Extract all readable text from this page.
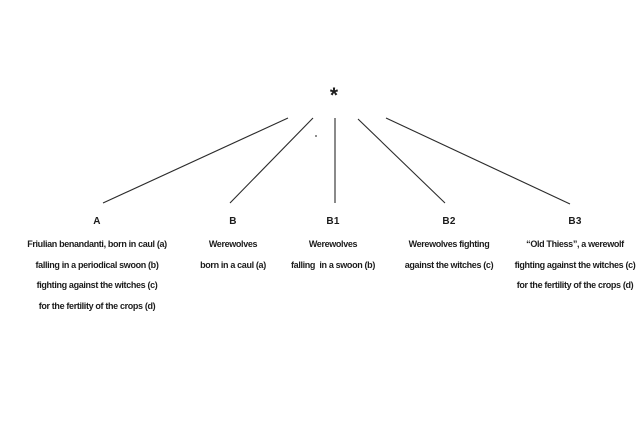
*
A
Friulian benandanti, born in caul (a)
falling in a periodical swoon (b)
fighting against the witches (c)
for the fertility of the crops (d)
B
Werewolves
born in a caul (a)
B1
Werewolves
falling  in a swoon (b)
B2
Werewolves fighting
against the witches (c)
B3
“Old Thiess”, a werewolf
fighting against the witches (c)
for the fertility of the crops (d)
